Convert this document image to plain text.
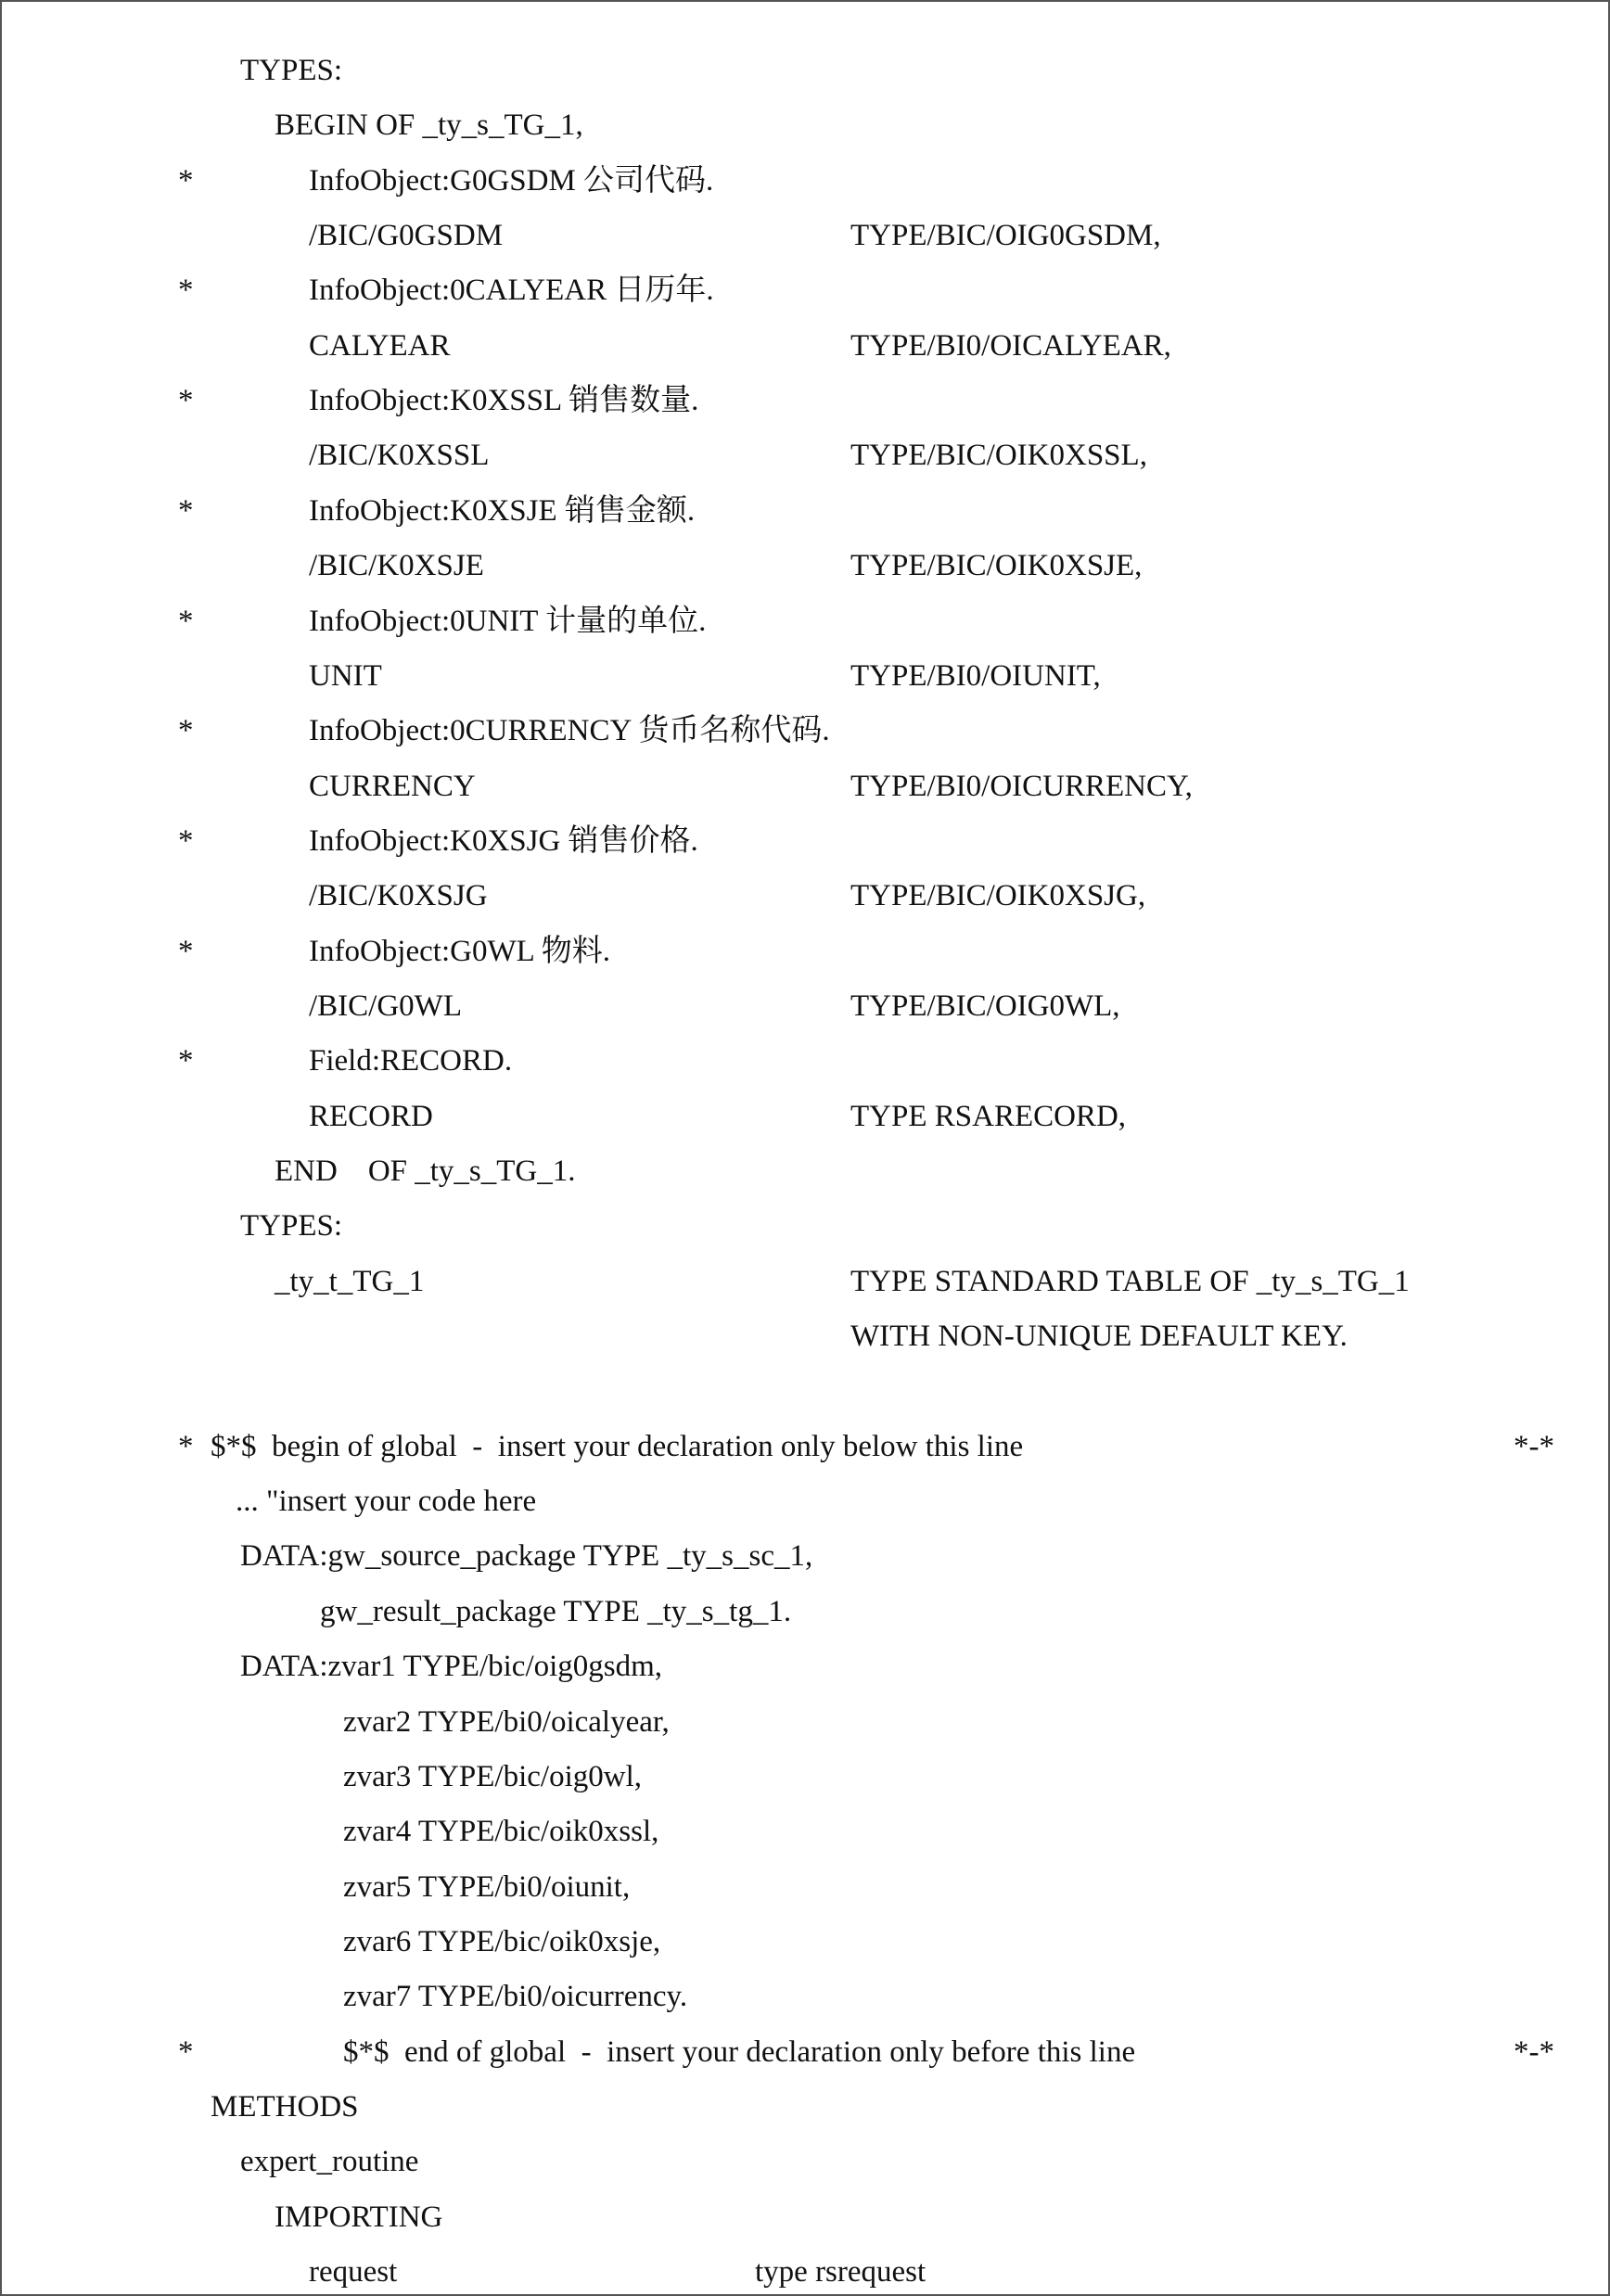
TYPES:
BEGIN OF _ty_s_TG_1,
*	InfoObject:G0GSDM 公司代码.
/BIC/G0GSDM	TYPE/BIC/OIG0GSDM,
*	InfoObject:0CALYEAR 日历年.
CALYEAR	TYPE/BI0/OICALYEAR,
*	InfoObject:K0XSSL 销售数量.
/BIC/K0XSSL	TYPE/BIC/OIK0XSSL,
*	InfoObject:K0XSJE 销售金额.
/BIC/K0XSJE	TYPE/BIC/OIK0XSJE,
*	InfoObject:0UNIT 计量的单位.
UNIT	TYPE/BI0/OIUNIT,
*	InfoObject:0CURRENCY 货币名称代码.
CURRENCY	TYPE/BI0/OICURRENCY,
*	InfoObject:K0XSJG 销售价格.
/BIC/K0XSJG	TYPE/BIC/OIK0XSJG,
*	InfoObject:G0WL 物料.
/BIC/G0WL	TYPE/BIC/OIG0WL,
*	Field:RECORD.
RECORD	TYPE RSARECORD,
END    OF _ty_s_TG_1.
TYPES:
_ty_t_TG_1	TYPE STANDARD TABLE OF _ty_s_TG_1
WITH NON-UNIQUE DEFAULT KEY.
* $*$  begin of global  -  insert your declaration only below this line	*-*
... "insert your code here
DATA:gw_source_package TYPE _ty_s_sc_1,
gw_result_package TYPE _ty_s_tg_1.
DATA:zvar1 TYPE/bic/oig0gsdm,
zvar2 TYPE/bi0/oicalyear,
zvar3 TYPE/bic/oig0wl,
zvar4 TYPE/bic/oik0xssl,
zvar5 TYPE/bi0/oiunit,
zvar6 TYPE/bic/oik0xsje,
zvar7 TYPE/bi0/oicurrency.
*	$*$  end of global  -  insert your declaration only before this line	*-*
METHODS
expert_routine
IMPORTING
request	type rsrequest
